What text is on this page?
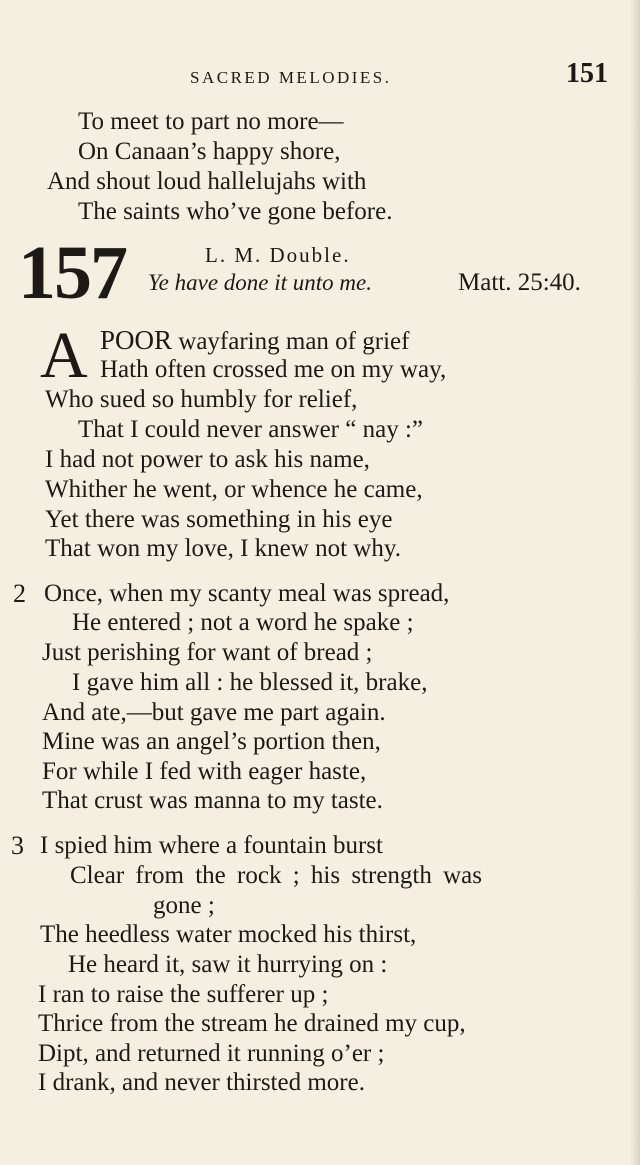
SACRED MELODIES.	151
To meet to part no more—
On Canaan’s happy shore,
And shout loud hallelujahs with
The saints who’ve gone before.
157	L. M. Double.
Ye have done it unto me.	Matt. 25:40.
A POOR wayfaring man of grief
Hath often crossed me on my way,
Who sued so humbly for relief,
That I could never answer “ nay :”
I had not power to ask his name,
Whither he went, or whence he came,
Yet there was something in his eye
That won my love, I knew not why.
2 Once, when my scanty meal was spread,
He entered ; not a word he spake ;
Just perishing for want of bread ;
I gave him all : he blessed it, brake,
And ate,—but gave me part again.
Mine was an angel’s portion then,
For while I fed with eager haste,
That crust was manna to my taste.
3 I spied him where a fountain burst
Clear from the rock ; his strength was
gone ;
The heedless water mocked his thirst,
He heard it, saw it hurrying on :
I ran to raise the sufferer up ;
Thrice from the stream he drained my cup,
Dipt, and returned it running o’er ;
I drank, and never thirsted more.
